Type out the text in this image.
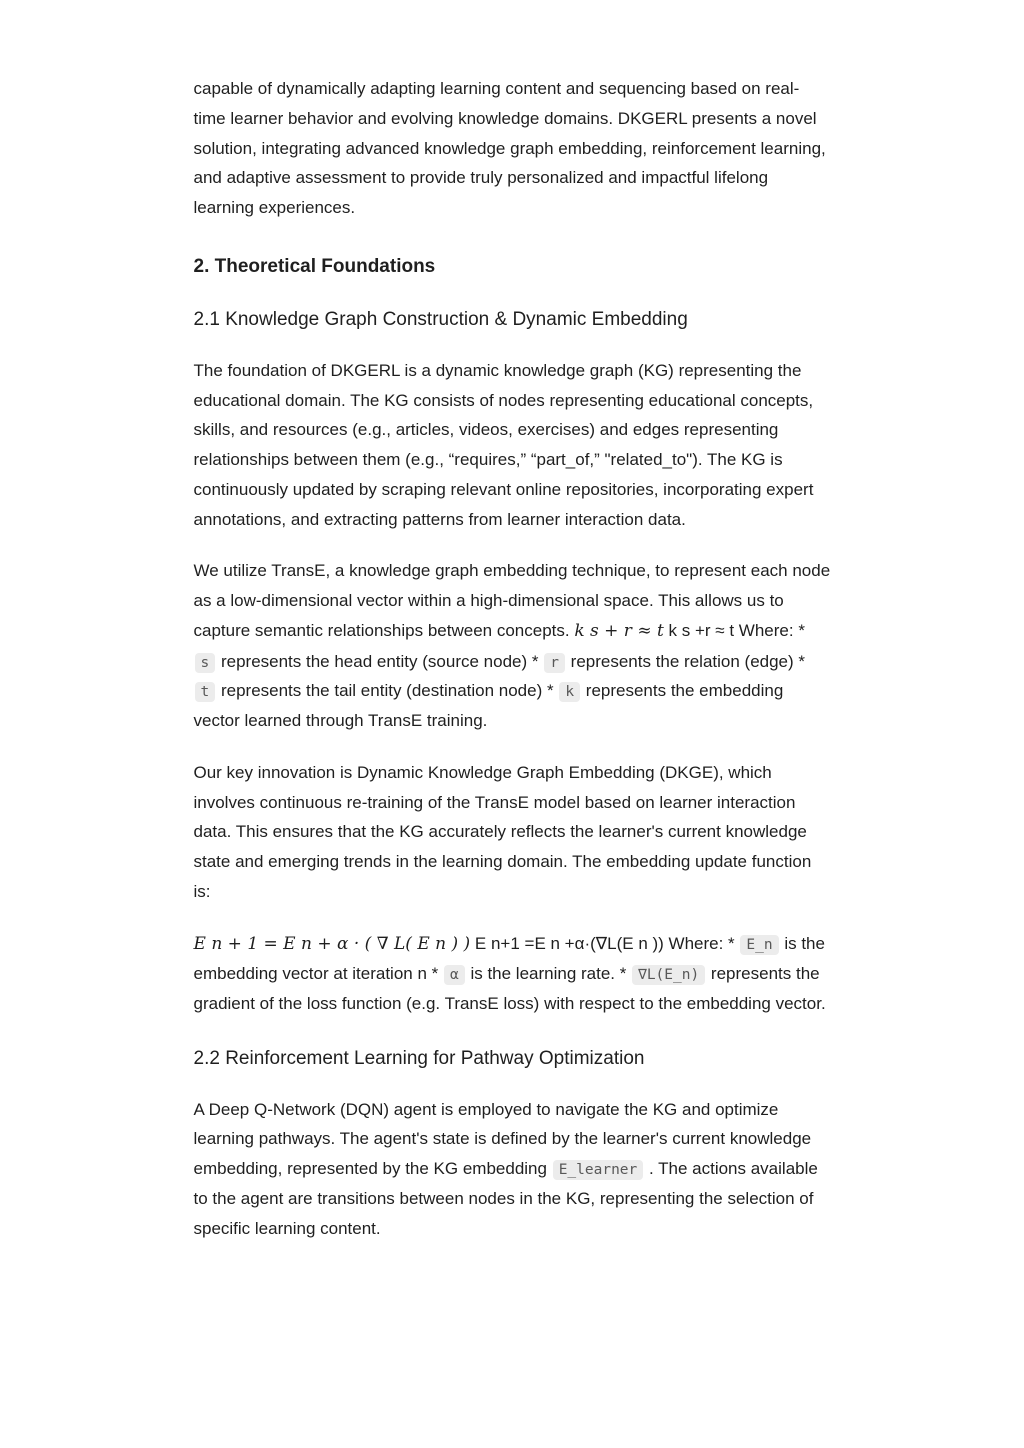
capable of dynamically adapting learning content and sequencing based on real-time learner behavior and evolving knowledge domains. DKGERL presents a novel solution, integrating advanced knowledge graph embedding, reinforcement learning, and adaptive assessment to provide truly personalized and impactful lifelong learning experiences.

2. Theoretical Foundations
2.1 Knowledge Graph Construction & Dynamic Embedding

The foundation of DKGERL is a dynamic knowledge graph (KG) representing the educational domain. The KG consists of nodes representing educational concepts, skills, and resources (e.g., articles, videos, exercises) and edges representing relationships between them (e.g., “requires,” “part_of,” "related_to"). The KG is continuously updated by scraping relevant online repositories, incorporating expert annotations, and extracting patterns from learner interaction data.

We utilize TransE, a knowledge graph embedding technique, to represent each node as a low-dimensional vector within a high-dimensional space. This allows us to capture semantic relationships between concepts. k s + r ≈ t k s +r ≈ t Where: * s represents the head entity (source node) * r represents the relation (edge) * t represents the tail entity (destination node) * k represents the embedding vector learned through TransE training.

Our key innovation is Dynamic Knowledge Graph Embedding (DKGE), which involves continuous re-training of the TransE model based on learner interaction data. This ensures that the KG accurately reflects the learner's current knowledge state and emerging trends in the learning domain. The embedding update function is:

E n + 1 = E n + α · ( ∇ L( E n ) ) E n+1 =E n +α·(∇L(E n )) Where: * E_n is the embedding vector at iteration n * α is the learning rate. * ∇L(E_n) represents the gradient of the loss function (e.g. TransE loss) with respect to the embedding vector.

2.2 Reinforcement Learning for Pathway Optimization

A Deep Q-Network (DQN) agent is employed to navigate the KG and optimize learning pathways. The agent's state is defined by the learner's current knowledge embedding, represented by the KG embedding E_learner . The actions available to the agent are transitions between nodes in the KG, representing the selection of specific learning content.
